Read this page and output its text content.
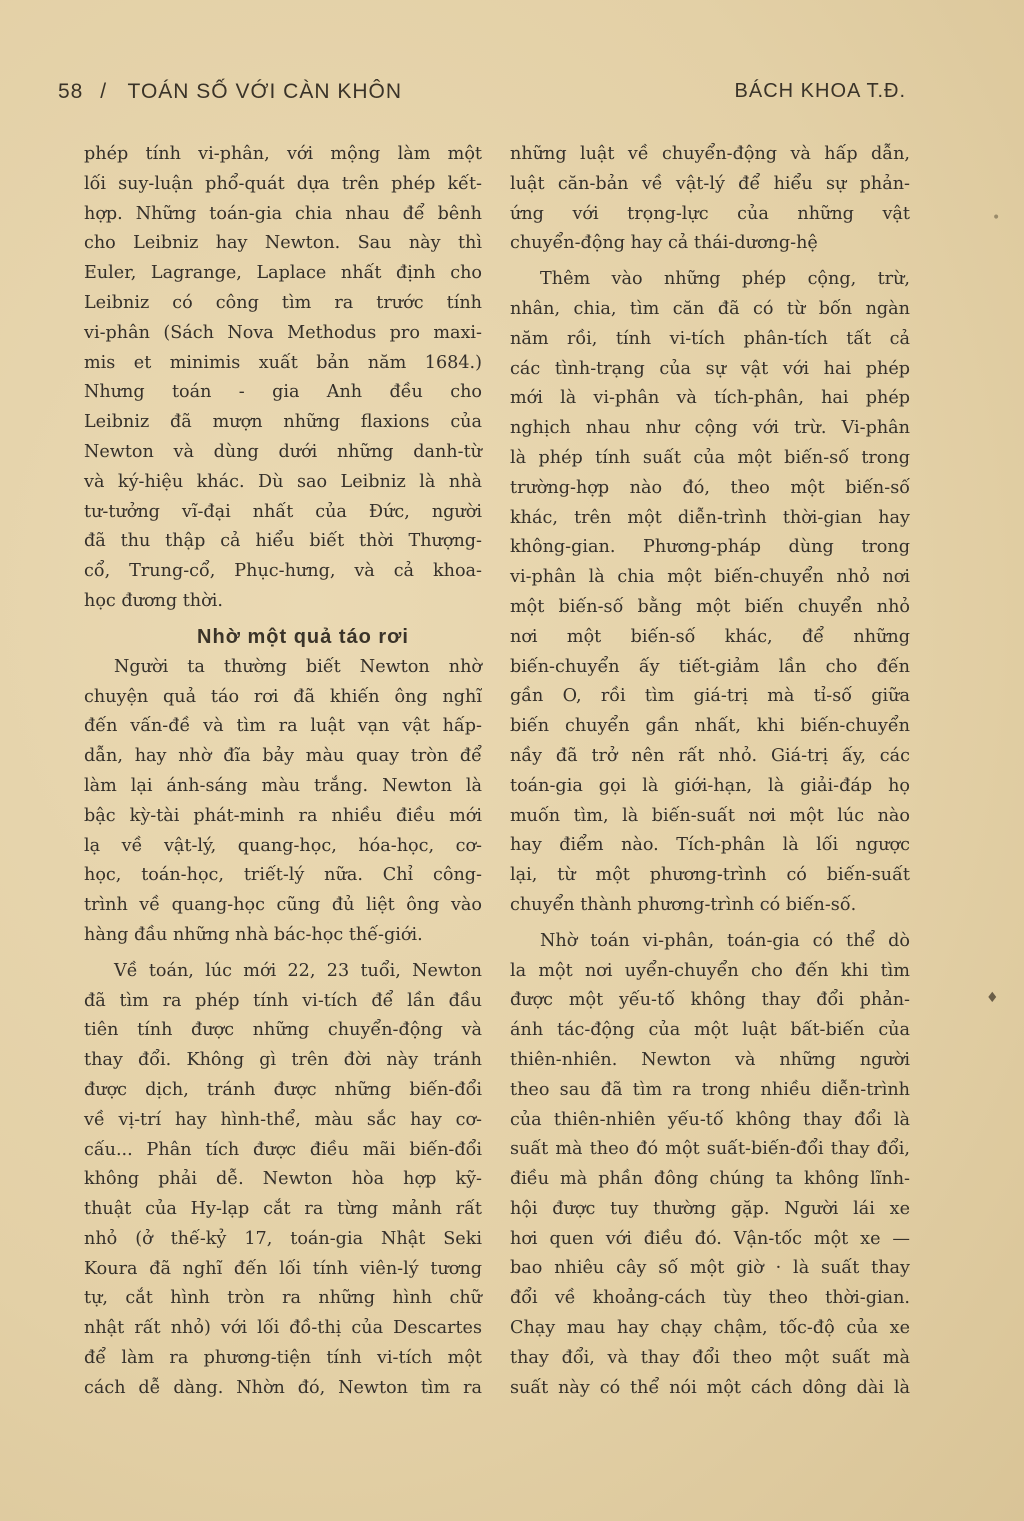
58 / TOÁN SỐ VỚI CÀN KHÔN	BÁCH KHOA T.Đ.
phép tính vi-phân, với mộng làm một
lối suy-luận phổ-quát dựa trên phép kết-
hợp. Những toán-gia chia nhau để bênh
cho Leibniz hay Newton. Sau này thì
Euler, Lagrange, Laplace nhất định cho
Leibniz có công tìm ra trước tính
vi-phân (Sách Nova Methodus pro maxi-
mis et minimis xuất bản năm 1684.)
Nhưng toán - gia Anh đều cho
Leibniz đã mượn những flaxions của
Newton và dùng dưới những danh-từ
và ký-hiệu khác. Dù sao Leibniz là nhà
tư-tưởng vĩ-đại nhất của Đức, người
đã thu thập cả hiểu biết thời Thượng-
cổ, Trung-cổ, Phục-hưng, và cả khoa-
học đương thời.
Nhờ một quả táo rơi
Người ta thường biết Newton nhờ
chuyện quả táo rơi đã khiến ông nghĩ
đến vấn-đề và tìm ra luật vạn vật hấp-
dẫn, hay nhờ đĩa bảy màu quay tròn để
làm lại ánh-sáng màu trắng. Newton là
bậc kỳ-tài phát-minh ra nhiều điều mới
lạ về vật-lý, quang-học, hóa-học, cơ-
học, toán-học, triết-lý nữa. Chỉ công-
trình về quang-học cũng đủ liệt ông vào
hàng đầu những nhà bác-học thế-giới.
Về toán, lúc mới 22, 23 tuổi, Newton
đã tìm ra phép tính vi-tích để lần đầu
tiên tính được những chuyển-động và
thay đổi. Không gì trên đời này tránh
được dịch, tránh được những biến-đổi
về vị-trí hay hình-thể, màu sắc hay cơ-
cấu... Phân tích được điều mãi biến-đổi
không phải dễ. Newton hòa hợp kỹ-
thuật của Hy-lạp cắt ra từng mảnh rất
nhỏ (ở thế-kỷ 17, toán-gia Nhật Seki
Koura đã nghĩ đến lối tính viên-lý tương
tự, cắt hình tròn ra những hình chữ
nhật rất nhỏ) với lối đồ-thị của Descartes
để làm ra phương-tiện tính vi-tích một
cách dễ dàng. Nhờn đó, Newton tìm ra
những luật về chuyển-động và hấp dẫn,
luật căn-bản về vật-lý để hiểu sự phản-
ứng với trọng-lực của những vật
chuyển-động hay cả thái-dương-hệ
Thêm vào những phép cộng, trừ,
nhân, chia, tìm căn đã có từ bốn ngàn
năm rồi, tính vi-tích phân-tích tất cả
các tình-trạng của sự vật với hai phép
mới là vi-phân và tích-phân, hai phép
nghịch nhau như cộng với trừ. Vi-phân
là phép tính suất của một biến-số trong
trường-hợp nào đó, theo một biến-số
khác, trên một diễn-trình thời-gian hay
không-gian. Phương-pháp dùng trong
vi-phân là chia một biến-chuyển nhỏ nơi
một biến-số bằng một biến chuyển nhỏ
nơi một biến-số khác, để những
biến-chuyển ấy tiết-giảm lần cho đến
gần O, rồi tìm giá-trị mà tỉ-số giữa
biến chuyển gần nhất, khi biến-chuyển
nầy đã trở nên rất nhỏ. Giá-trị ấy, các
toán-gia gọi là giới-hạn, là giải-đáp họ
muốn tìm, là biến-suất nơi một lúc nào
hay điểm nào. Tích-phân là lối ngược
lại, từ một phương-trình có biến-suất
chuyển thành phương-trình có biến-số.
Nhờ toán vi-phân, toán-gia có thể dò
la một nơi uyển-chuyển cho đến khi tìm
được một yếu-tố không thay đổi phản-
ánh tác-động của một luật bất-biến của
thiên-nhiên. Newton và những người
theo sau đã tìm ra trong nhiều diễn-trình
của thiên-nhiên yếu-tố không thay đổi là
suất mà theo đó một suất-biến-đổi thay đổi,
điều mà phần đông chúng ta không lĩnh-
hội được tuy thường gặp. Người lái xe
hơi quen với điều đó. Vận-tốc một xe —
bao nhiêu cây số một giờ · là suất thay
đổi về khoảng-cách tùy theo thời-gian.
Chạy mau hay chạy chậm, tốc-độ của xe
thay đổi, và thay đổi theo một suất mà
suất này có thể nói một cách dông dài là
•
♦
